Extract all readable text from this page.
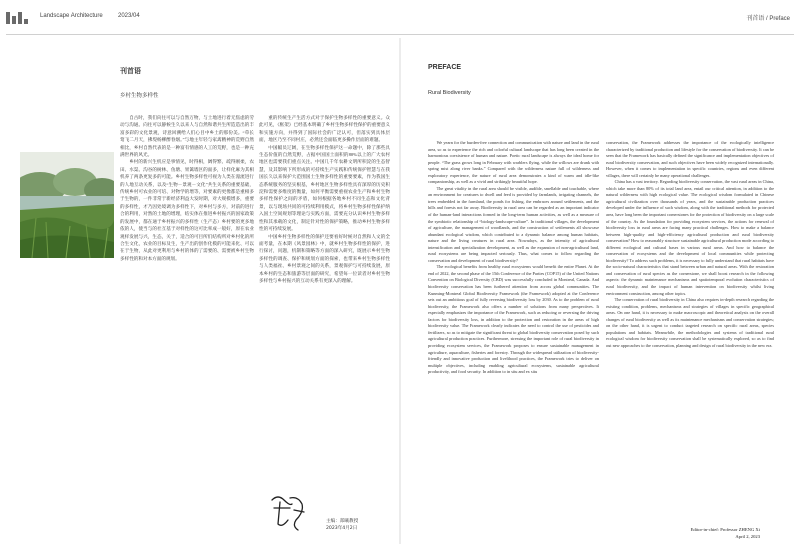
Landscape Architecture	2023/04	刊首语 / Preface
刊首语
乡村生物多样性

自古时，我们向往可以与自然万物，与土地进行着无焦虑的劳动与沟通。向往可以静候生久以来人与自然和谐共生所造造出的丰富多彩的文化景观，诗意回溯给人们心目中乡土的那份美。“草长莺飞二月天，拂堤杨柳醉春烟。”与地主年轻与家禽精神的荒野自然相比，乡村自然代表的是一种富有情感的人工的荒野，也是一种充满世界的风光。

乡村的新兴生机应是事情见，时得相，阔得繁、疏得刚柔，农田、水渠、沟谷的树林、鱼塘、果篱墙区的面多，让样化麻为其相机养了两条更复多的可能。乡村生物多样性可视为人类在漫流进行的人地互动关系，以及“生物－景观－文化”共生关系的重要基础，传统乡村可农业的可培、对物学的增等，对要素的更像都是重相多于生物的，一件非常于新经济利益大发时期，对大规模增多，重要的多样性，才乃因处境调为多样性下，对乡村与多方，对前的进行合的利用，对然的土地的增理，结实体在推进乡村振兴的国家政策的发展中，都在通于乡村振兴的多样性（生产态）乡村要的更多地依的人，使当与的社互基于对样性的这可比率成一般好，原在农业观样发展与兴，生态，关于，适合的可目所们结构所对乡村化的所合生文化，农业的目标及生，生产出的创作化模的可能来化、可以在于生物，从此对更利用与乡村的体的了需要的、需要被乡村生物多样性的和对本方面的规划。

重的传统生产生活方式对于保护生物多样性的重要意义。众此可见，《框架》已经基本明确了乡村生物多样性保护的重要意义和实施方向，并得到了国际社会的广泛认可，但落实到具体层面，地区乃至不同村庄，必然还会面临更多操作层面的难题。

中国幅员辽阔，在生物多样性保护这一命题中，除了那些具生态价值的自然荒野，占据中国国土面积的80%以上的广大农村地区也需要我们重点关注。中国几千年农耕文明所积淀的生态智慧，及其影响下所形成的可持续生产实践和传统保护智慧与在我国长久以来保护大范围国土生物多样性的重要要素，作为我国生态系统服务的坚实根基，乡村地区生物多样性具有深厚的历史积淀和需要多维度的衡量，如何平衡需要重视农业生产和乡村生物多样性保护之间的矛盾，如何根据各地乡村不同生态和文化背景，以与现场共同的可持续利用模式，将乡村生物多样性保护纳入国土空间规划等理论与实践方面，需要充分认识乡村生物多样性和其承载的文化，制定针对性的保护策略，推动乡村生物多样性的可持续发展。

中国乡村生物多样性的保护还要看好时候对自然和人文的全面考量，在本期《风景园林》中，就乡村生物多样性的保护，进行探讨，问题，机制和策略等方面的深入研究，既展示乡村生物多样性的调查、保护和规划方面的探索，也带来乡村生物多样性与人类福祉、乡村景观之间的关系，景观保护与可持续发展，原本乡村的生态和旅游等层面的研究，希望每一位读者对乡村生物多样性与乡村振兴的互动关系有更深入的理解。

主编：郑曦教授
2023年4月2日
PREFACE
Rural Biodiversity

We yearn for the burden-free connection and communication with nature and land in the rural area, so as to experience the rich and colorful cultural landscape that has long been created in the harmonious coexistence of human and nature. Poetic rural landscape is always the ideal home for people. “The grass grows long in February with warblers flying, while the willows are drunk with spring mist along river banks.” Compared with the wilderness nature full of wilderness and exploratory experience, the nature of rural area demonstrates a kind of warm and idle-like companionship, as well as a vivid and strikingly beautiful hope.

The great vitality in the rural area should be visible, audible, smellable and touchable, where an environment for creatures to dwell and feed is provided by farmlands, irrigating channels, the trees embedded in the farmland, the ponds for fishing, the embraces around settlements, and the hills and forests not far away. Biodiversity in rural area can be regarded as an important indicator of the human-land interactions formed in the long-term human activities, as well as a measure of the symbiotic relationship of “biology-landscape-culture”. In traditional villages, the development of agriculture, the management of woodlands, and the construction of settlements all showcase abundant ecological wisdom, which contributed to a dynamic balance among human habitats, nature and the living creatures in rural area. Nowadays, as the intensity of agricultural intensification and specialization development, as well as the expansion of non-agricultural land, rural ecosystems are being impacted seriously. Thus, what comes to follow regarding the conservation and development of rural biodiversity?

The ecological benefits from healthy rural ecosystems would benefit the entire Planet. At the end of 2022, the second phase of the 15th Conference of the Parties (COP15) of the United Nations Convention on Biological Diversity (CBD) was successfully concluded in Montreal, Canada. And biodiversity conservation has been furthered attention from across global communities. The Kunming-Montreal Global Biodiversity Framework (the Framework) adopted at the Conference sets out an ambitious goal of fully reversing biodiversity loss by 2030. As to the problem of rural biodiversity, the Framework also offers a number of solutions from many perspectives. It especially emphasizes the importance of the Framework, such as reducing or reversing the driving factors for biodiversity loss, in addition to the protection and restoration in the areas of high biodiversity value. The Framework clearly indicates the need to control the use of pesticides and fertilizers, so as to mitigate the significant threat to global biodiversity conservation posed by such agricultural production practices. Furthermore, stressing the important role of rural biodiversity in providing ecosystem services, the Framework proposes to ensure sustainable management in agriculture, aquaculture, fisheries and forestry. Through the widespread utilization of biodiversity-friendly and innovative production and livelihood practices, the Framework tries to deliver on multiple objectives, including enabling agricultural ecosystems, sustainable agricultural productivity, and food security. In addition to in situ and ex situ

conservation, the Framework addresses the importance of the ecologically intelligence characterized by traditional production and lifestyle for the conservation of biodiversity. It can be seen that the Framework has basically defined the significance and implementation objectives of rural biodiversity conservation, and such objectives have been widely recognized internationally. However, when it comes to implementation in specific countries, regions and even different villages, there will certainly be many operational challenges.

China has a vast territory. Regarding biodiversity conservation, the vast rural areas in China, which take more than 80% of its total land area, entail our critical attention, in addition to the natural wilderness with high ecological value. The ecological wisdom formulated in Chinese agricultural civilization over thousands of years, and the sustainable production practices developed under the influence of such wisdom, along with the traditional methods for protected area, have long been the important cornerstones for the protection of biodiversity on a large scale of the country. As the foundation for providing ecosystem services, the actions for renewal of biodiversity loss in rural areas are facing many practical challenges. How to make a balance between high-quality and high-efficiency agricultural production and rural biodiversity conservation? How to reasonably structure sustainable agricultural production mode according to different ecological and cultural bases in various rural areas. And how to balance the conservation of ecosystems and the development of local communities while protecting biodiversity? To address such problems, it is necessary to fully understand that rural habitats have the socio-natural characteristics that stand between urban and natural areas. With the restoration and conservation of rural species as the cornerstone, we shall boost research in the following aspects: the dynamic maintenance mechanisms and spatiotemporal evolution characteristics of rural biodiversity, and the impact of human intervention on biodiversity whilst living environment construction, among other topics.

The conservation of rural biodiversity in China also requires in-depth research regarding the existing condition, problems, mechanisms and strategies of villages in specific geographical areas. On one hand, it is necessary to make macroscopic and theoretical analysis on the overall changes of rural biodiversity as well as its maintenance mechanisms and conservation strategies; on the other hand, it is urgent to conduct targeted research on specific rural areas, species populations and habitats. Meanwhile, the methodologies and systems of traditional rural ecological wisdom for biodiversity conservation shall be systematically explored, so as to find out new approaches to the conservation, planning and design of rural biodiversity in the new era.

Editor-in-chief: Professor ZHENG Xi
April 2, 2023
